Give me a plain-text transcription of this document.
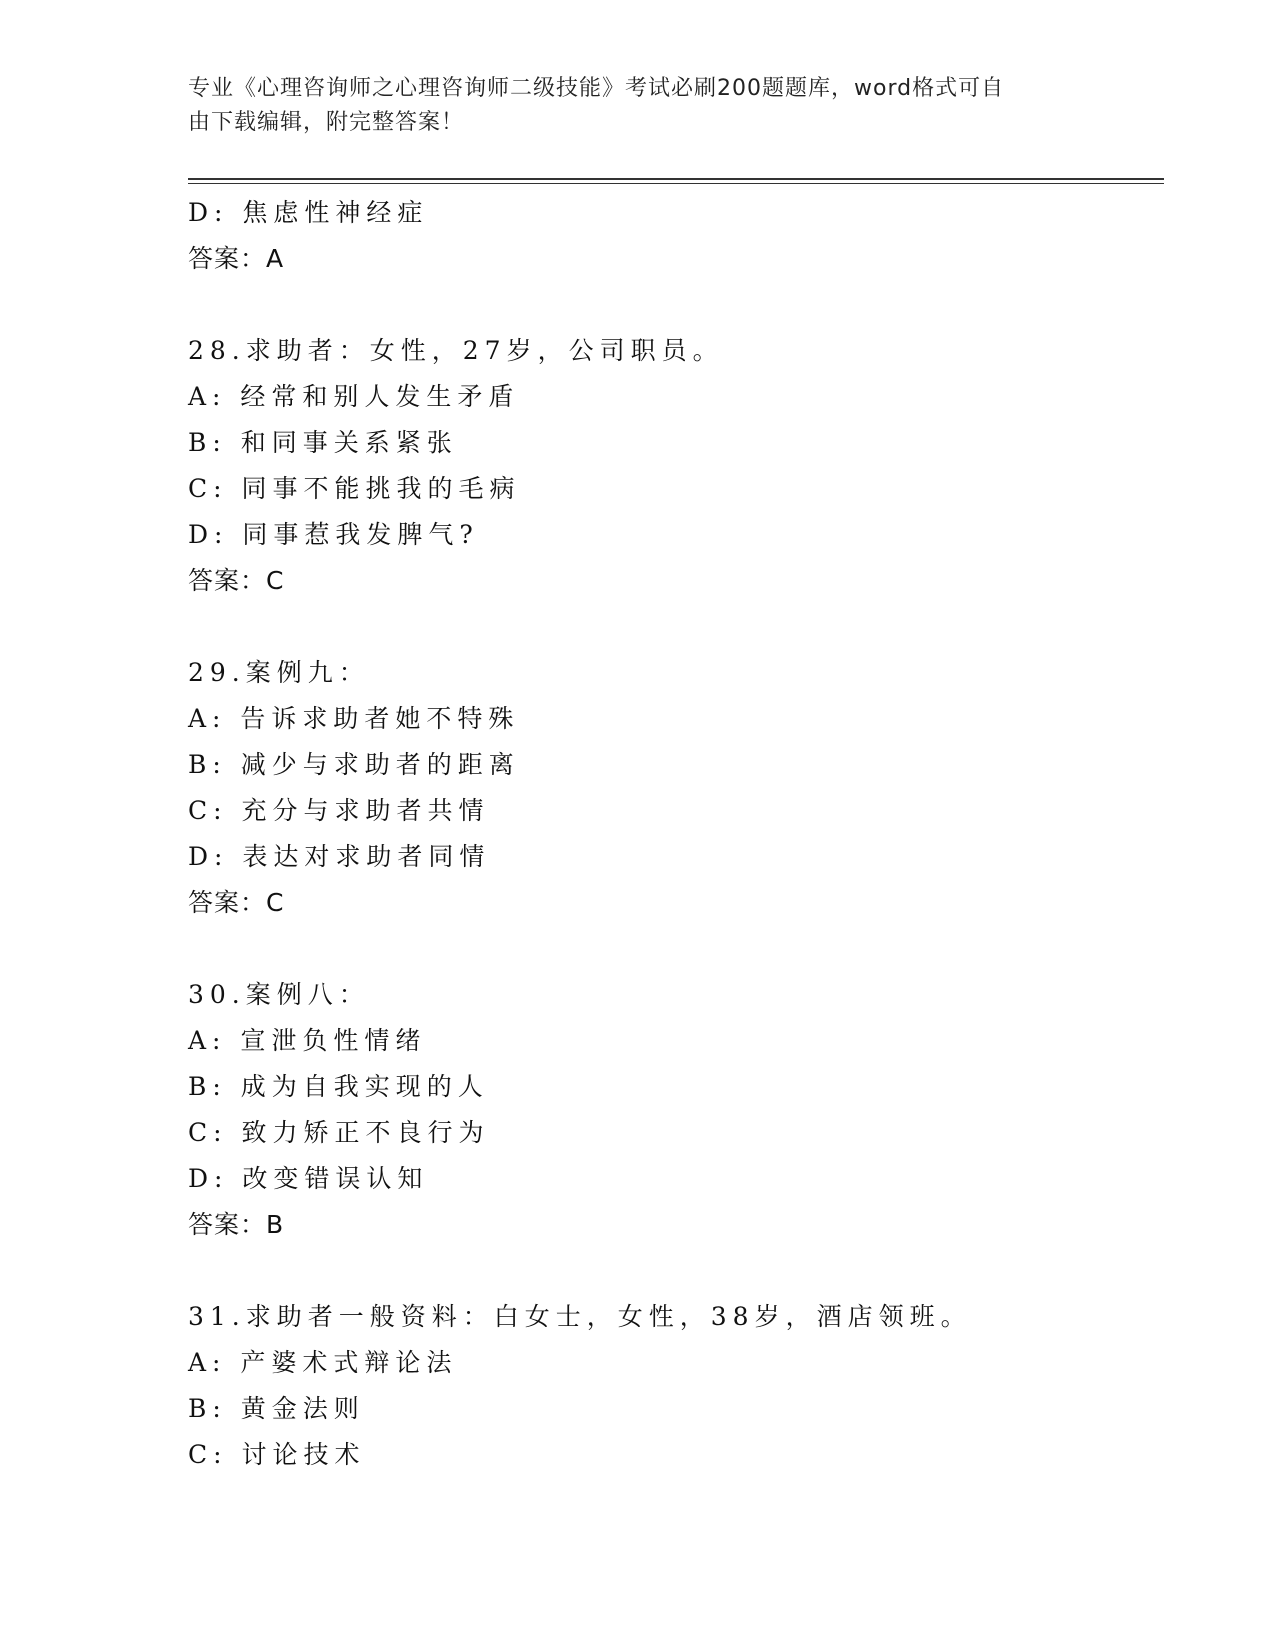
专业《心理咨询师之心理咨询师二级技能》考试必刷200题题库，word格式可自
由下载编辑，附完整答案！
D: 焦虑性神经症
答案：A
28.求助者：女性，27岁，公司职员。
A: 经常和别人发生矛盾
B: 和同事关系紧张
C: 同事不能挑我的毛病
D: 同事惹我发脾气?
答案：C
29.案例九：
A: 告诉求助者她不特殊
B: 减少与求助者的距离
C: 充分与求助者共情
D: 表达对求助者同情
答案：C
30.案例八：
A: 宣泄负性情绪
B: 成为自我实现的人
C: 致力矫正不良行为
D: 改变错误认知
答案：B
31.求助者一般资料：白女士，女性，38岁，酒店领班。
A: 产婆术式辩论法
B: 黄金法则
C: 讨论技术
